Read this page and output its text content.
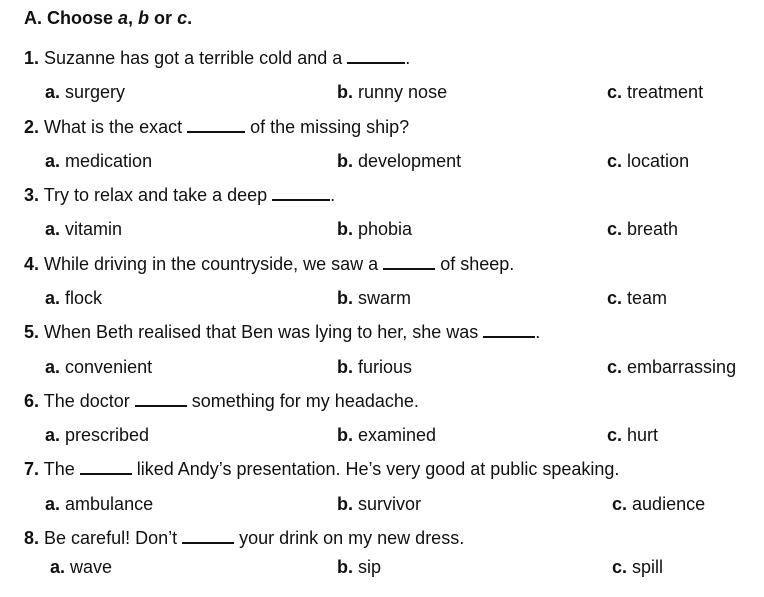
A. Choose a, b or c.
1. Suzanne has got a terrible cold and a	.
a. surgery	b. runny nose	c. treatment
2. What is the exact	of the missing ship?
a. medication	b. development	c. location
3. Try to relax and take a deep	.
a. vitamin	b. phobia	c. breath
4. While driving in the countryside, we saw a	of sheep.
a. flock	b. swarm	c. team
5. When Beth realised that Ben was lying to her, she was	.
a. convenient	b. furious	c. embarrassing
6. The doctor	something for my headache.
a. prescribed	b. examined	c. hurt
7. The	liked Andy’s presentation. He’s very good at public speaking.
a. ambulance	b. survivor	c. audience
8. Be careful! Don’t	your drink on my new dress.
a. wave	b. sip	c. spill
